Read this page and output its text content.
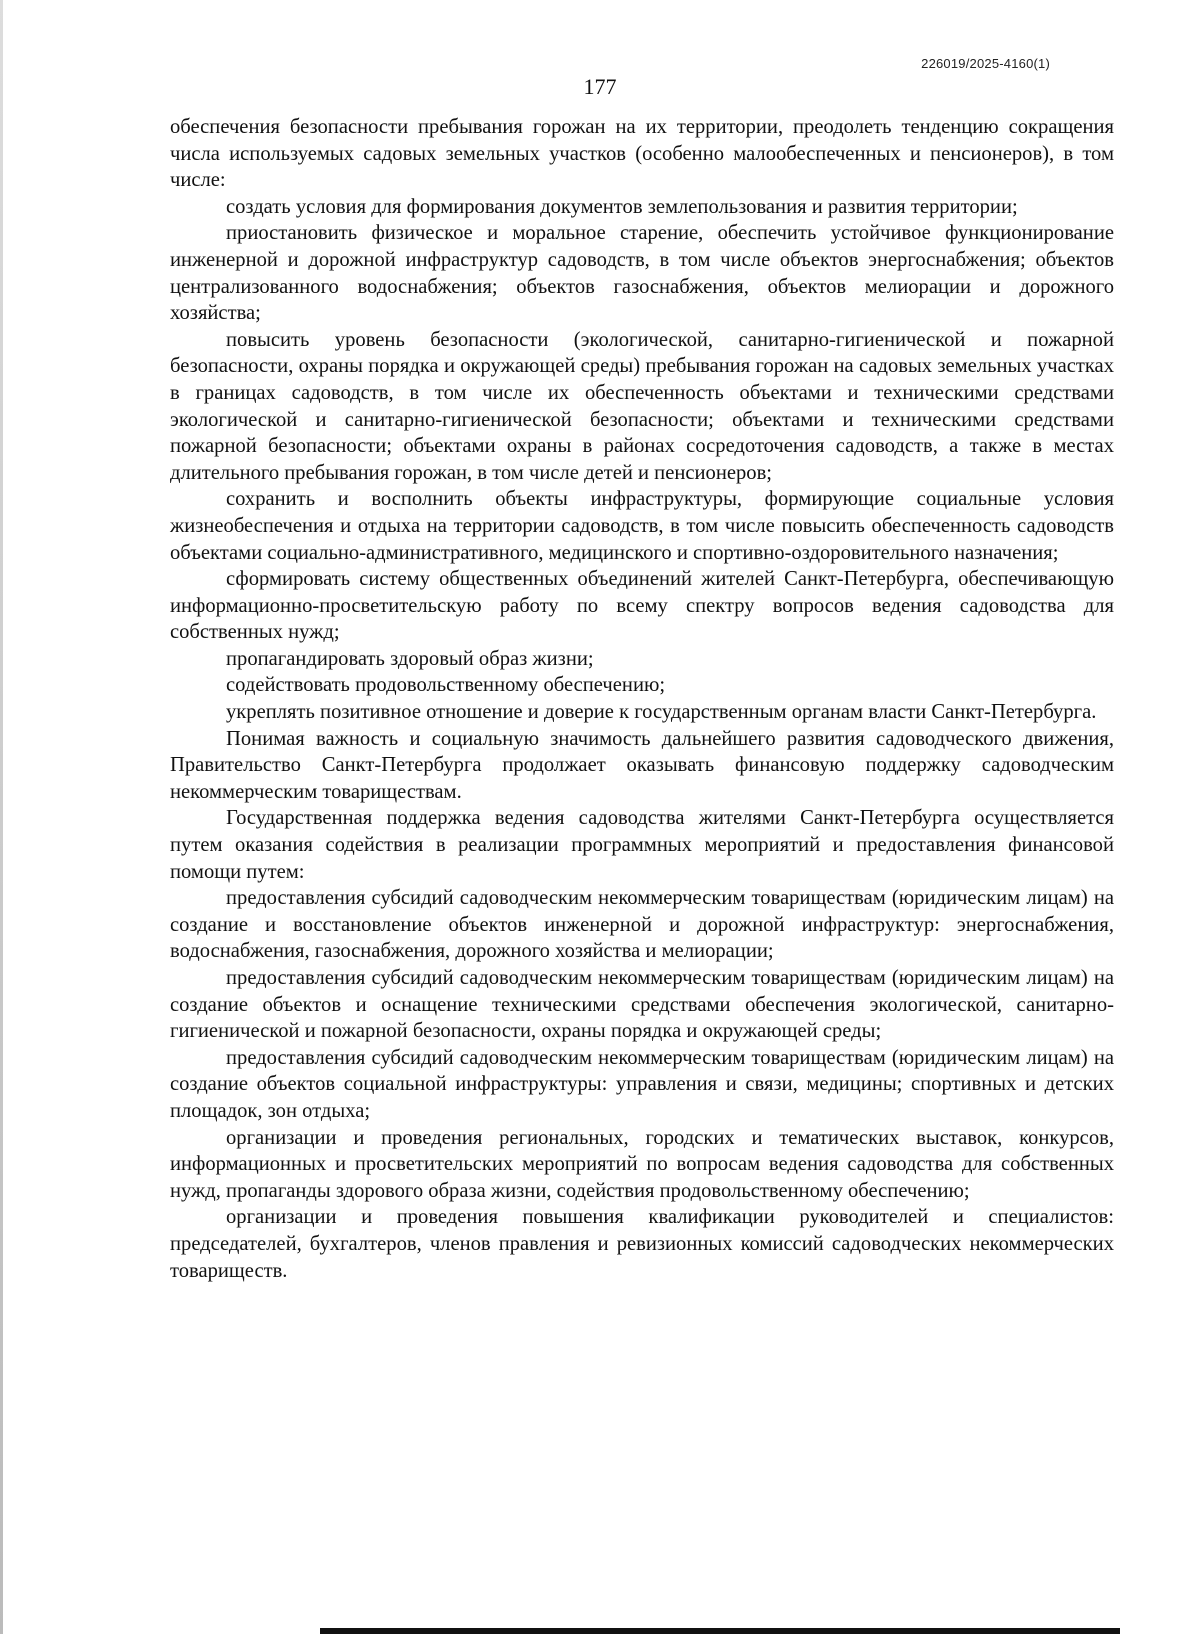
226019/2025-4160(1)
177

обеспечения безопасности пребывания горожан на их территории, преодолеть тенденцию сокращения числа используемых садовых земельных участков (особенно малообеспеченных и пенсионеров), в том числе:

создать условия для формирования документов землепользования и развития территории;

приостановить физическое и моральное старение, обеспечить устойчивое функционирование инженерной и дорожной инфраструктур садоводств, в том числе объектов энергоснабжения; объектов централизованного водоснабжения; объектов газоснабжения, объектов мелиорации и дорожного хозяйства;

повысить уровень безопасности (экологической, санитарно-гигиенической и пожарной безопасности, охраны порядка и окружающей среды) пребывания горожан на садовых земельных участках в границах садоводств, в том числе их обеспеченность объектами и техническими средствами экологической и санитарно-гигиенической безопасности; объектами и техническими средствами пожарной безопасности; объектами охраны в районах сосредоточения садоводств, а также в местах длительного пребывания горожан, в том числе детей и пенсионеров;

сохранить и восполнить объекты инфраструктуры, формирующие социальные условия жизнеобеспечения и отдыха на территории садоводств, в том числе повысить обеспеченность садоводств объектами социально-административного, медицинского и спортивно-оздоровительного назначения;

сформировать систему общественных объединений жителей Санкт-Петербурга, обеспечивающую информационно-просветительскую работу по всему спектру вопросов ведения садоводства для собственных нужд;

пропагандировать здоровый образ жизни;

содействовать продовольственному обеспечению;

укреплять позитивное отношение и доверие к государственным органам власти Санкт-Петербурга.

Понимая важность и социальную значимость дальнейшего развития садоводческого движения, Правительство Санкт-Петербурга продолжает оказывать финансовую поддержку садоводческим некоммерческим товариществам.

Государственная поддержка ведения садоводства жителями Санкт-Петербурга осуществляется путем оказания содействия в реализации программных мероприятий и предоставления финансовой помощи путем:

предоставления субсидий садоводческим некоммерческим товариществам (юридическим лицам) на создание и восстановление объектов инженерной и дорожной инфраструктур: энергоснабжения, водоснабжения, газоснабжения, дорожного хозяйства и мелиорации;

предоставления субсидий садоводческим некоммерческим товариществам (юридическим лицам) на создание объектов и оснащение техническими средствами обеспечения экологической, санитарно-гигиенической и пожарной безопасности, охраны порядка и окружающей среды;

предоставления субсидий садоводческим некоммерческим товариществам (юридическим лицам) на создание объектов социальной инфраструктуры: управления и связи, медицины; спортивных и детских площадок, зон отдыха;

организации и проведения региональных, городских и тематических выставок, конкурсов, информационных и просветительских мероприятий по вопросам ведения садоводства для собственных нужд, пропаганды здорового образа жизни, содействия продовольственному обеспечению;

организации и проведения повышения квалификации руководителей и специалистов: председателей, бухгалтеров, членов правления и ревизионных комиссий садоводческих некоммерческих товариществ.
